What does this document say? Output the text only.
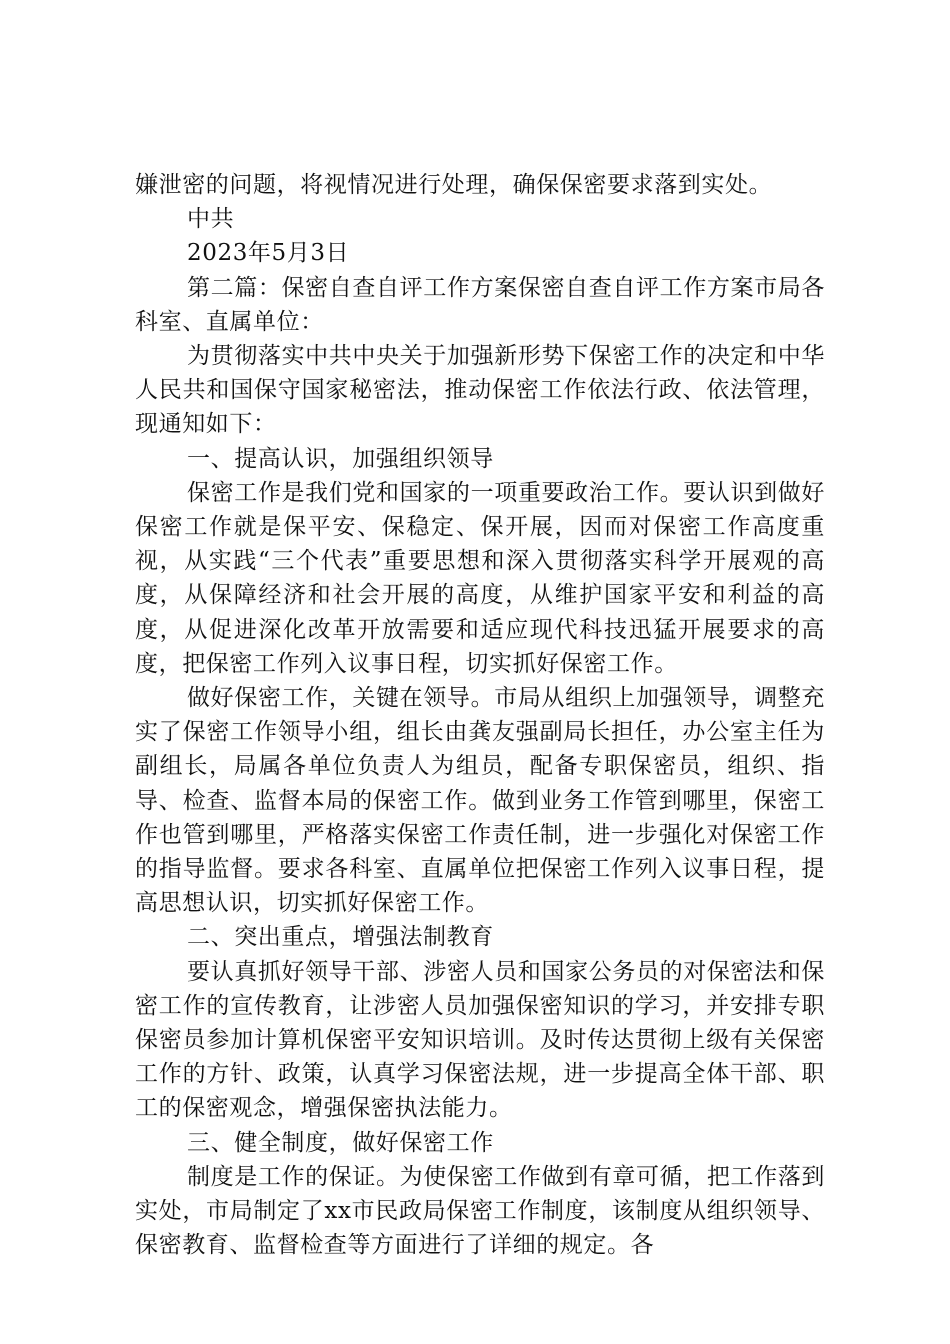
嫌泄密的问题，将视情况进行处理，确保保密要求落到实处。

中共

2023年5月3日

第二篇：保密自查自评工作方案保密自查自评工作方案市局各科室、直属单位：

为贯彻落实中共中央关于加强新形势下保密工作的决定和中华人民共和国保守国家秘密法，推动保密工作依法行政、依法管理，现通知如下：

一、提高认识，加强组织领导

保密工作是我们党和国家的一项重要政治工作。要认识到做好保密工作就是保平安、保稳定、保开展，因而对保密工作高度重视，从实践“三个代表”重要思想和深入贯彻落实科学开展观的高度，从保障经济和社会开展的高度，从维护国家平安和利益的高度，从促进深化改革开放需要和适应现代科技迅猛开展要求的高度，把保密工作列入议事日程，切实抓好保密工作。

做好保密工作，关键在领导。市局从组织上加强领导，调整充实了保密工作领导小组，组长由龚友强副局长担任，办公室主任为副组长，局属各单位负责人为组员，配备专职保密员，组织、指导、检查、监督本局的保密工作。做到业务工作管到哪里，保密工作也管到哪里，严格落实保密工作责任制，进一步强化对保密工作的指导监督。要求各科室、直属单位把保密工作列入议事日程，提高思想认识，切实抓好保密工作。

二、突出重点，增强法制教育

要认真抓好领导干部、涉密人员和国家公务员的对保密法和保密工作的宣传教育，让涉密人员加强保密知识的学习，并安排专职保密员参加计算机保密平安知识培训。及时传达贯彻上级有关保密工作的方针、政策，认真学习保密法规，进一步提高全体干部、职工的保密观念，增强保密执法能力。

三、健全制度，做好保密工作

制度是工作的保证。为使保密工作做到有章可循，把工作落到实处，市局制定了xx市民政局保密工作制度，该制度从组织领导、保密教育、监督检查等方面进行了详细的规定。各
